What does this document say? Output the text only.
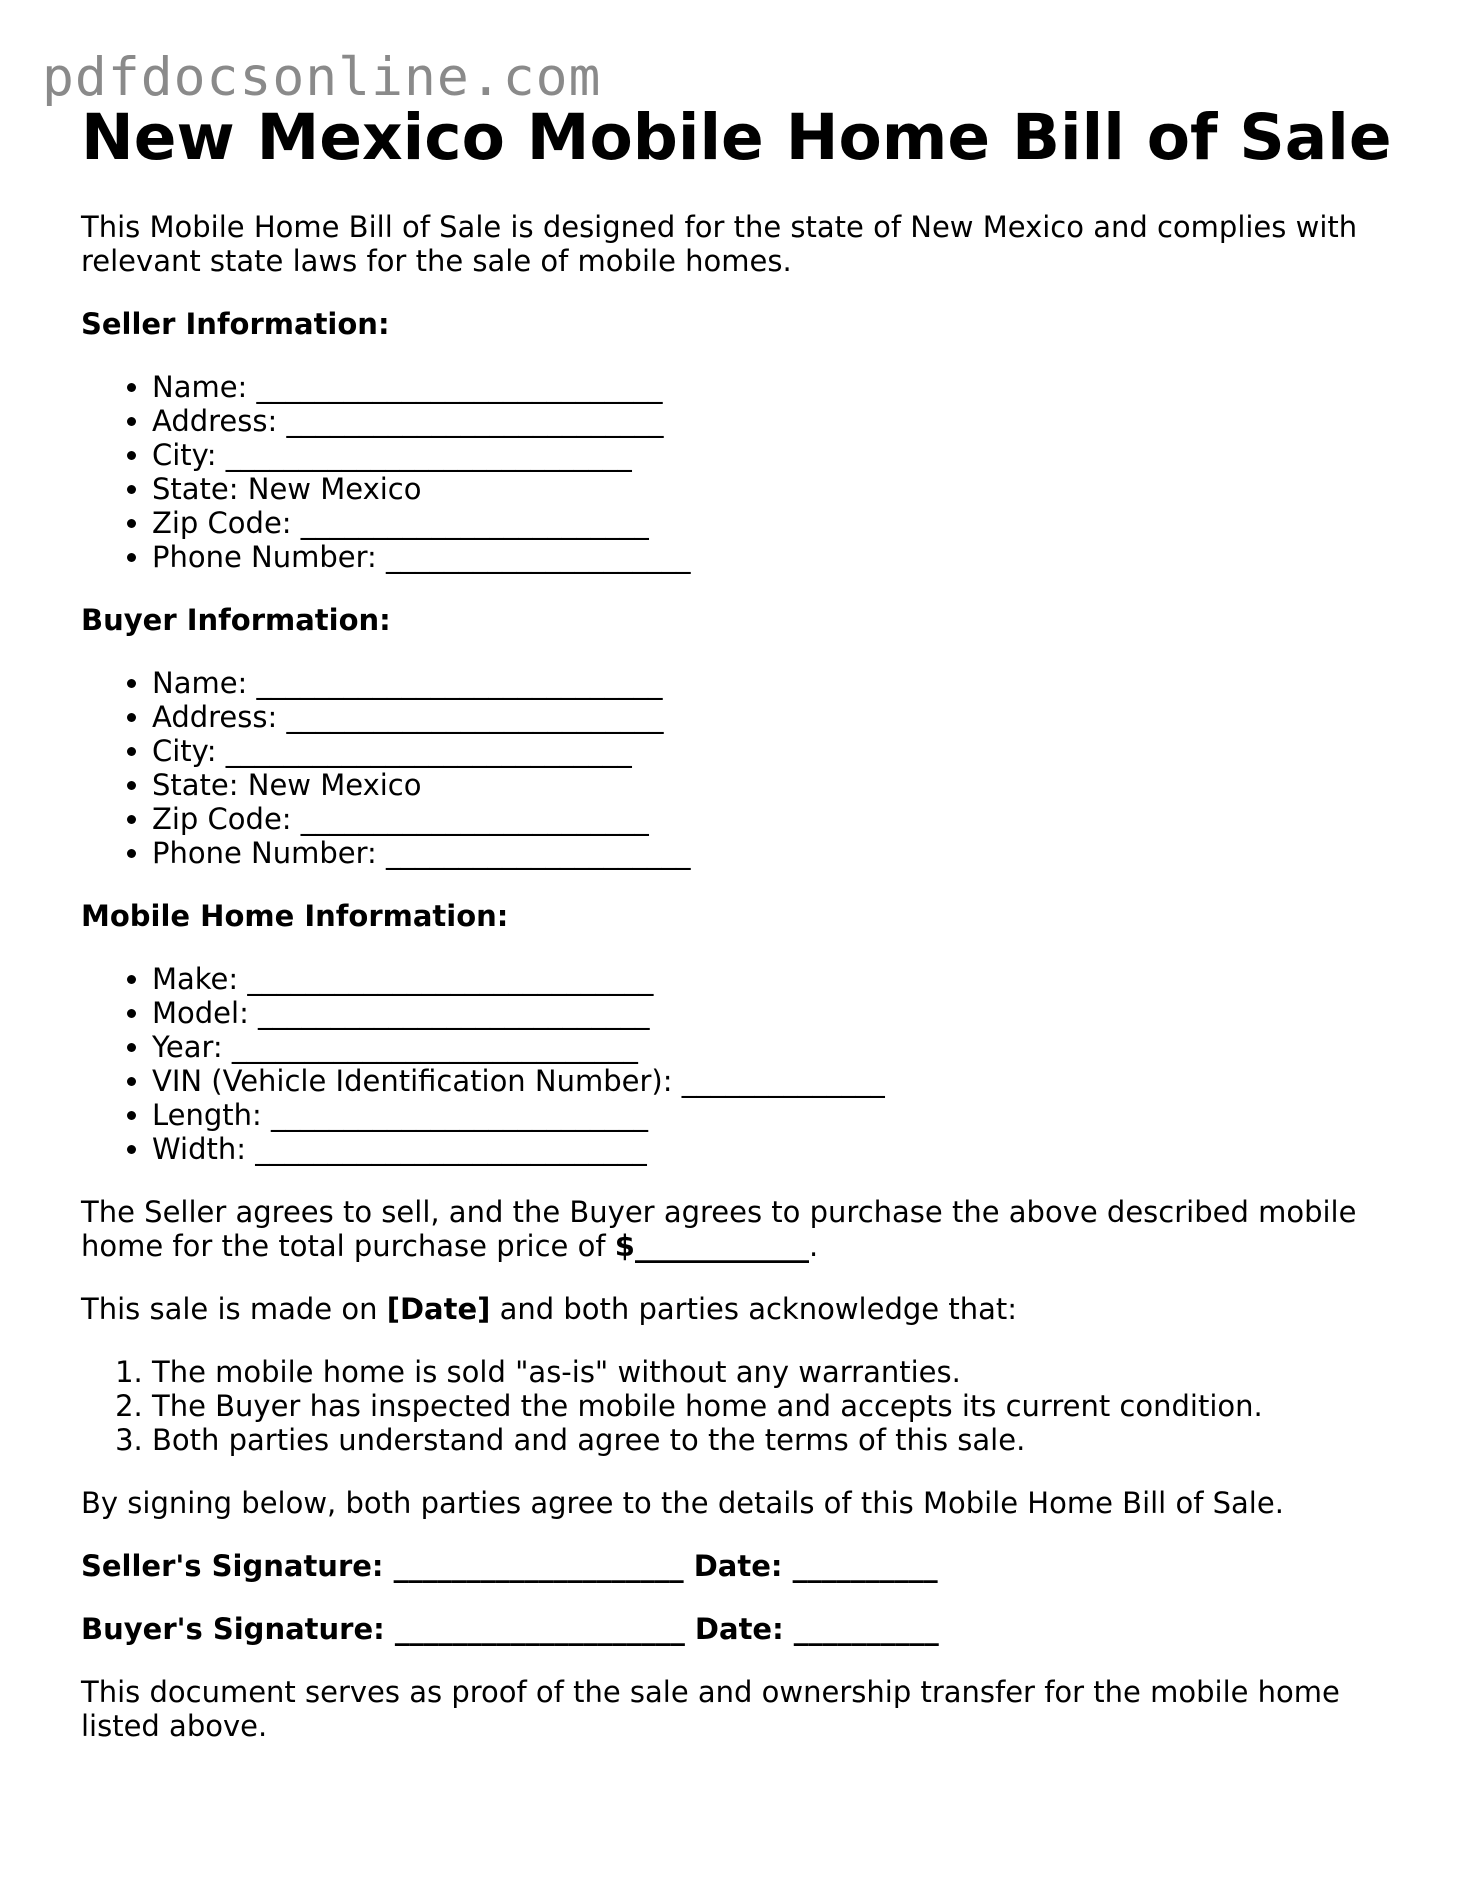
pdfdocsonline.com
New Mexico Mobile Home Bill of Sale

This Mobile Home Bill of Sale is designed for the state of New Mexico and complies with relevant state laws for the sale of mobile homes.

Seller Information:
• Name: ____________________________
• Address: __________________________
• City: ____________________________
• State: New Mexico
• Zip Code: ________________________
• Phone Number: _____________________
Buyer Information:
• Name: ____________________________
• Address: __________________________
• City: ____________________________
• State: New Mexico
• Zip Code: ________________________
• Phone Number: _____________________
Mobile Home Information:
• Make: ____________________________
• Model: ___________________________
• Year: ____________________________
• VIN (Vehicle Identification Number): ______________
• Length: __________________________
• Width: ___________________________

The Seller agrees to sell, and the Buyer agrees to purchase the above described mobile home for the total purchase price of $____________.

This sale is made on [Date] and both parties acknowledge that:

1. The mobile home is sold "as-is" without any warranties.
2. The Buyer has inspected the mobile home and accepts its current condition.
3. Both parties understand and agree to the terms of this sale.

By signing below, both parties agree to the details of this Mobile Home Bill of Sale.

Seller's Signature: ____________________ Date: __________

Buyer's Signature: ____________________ Date: __________

This document serves as proof of the sale and ownership transfer for the mobile home listed above.
